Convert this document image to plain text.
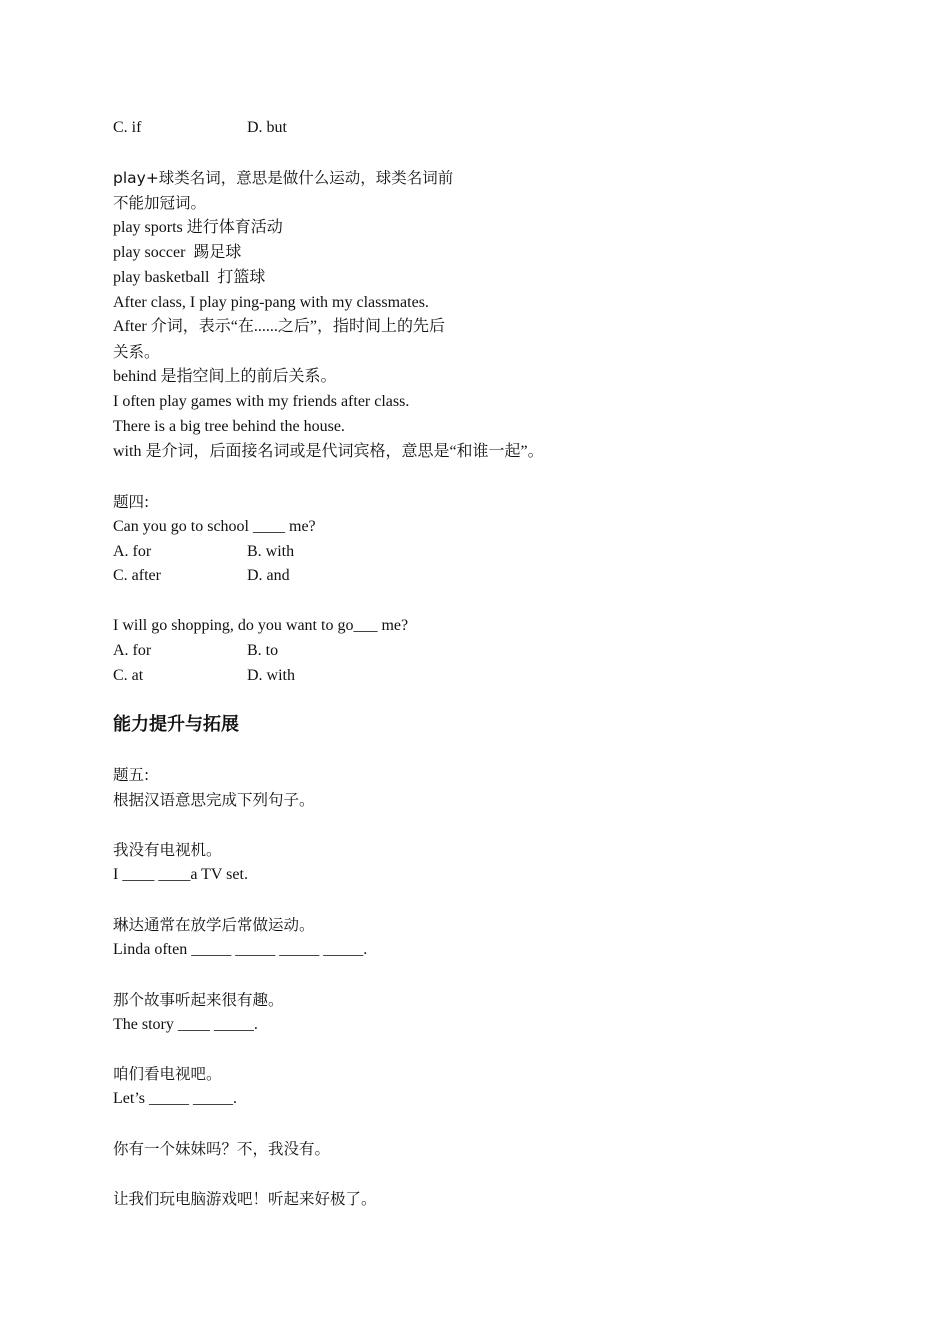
C. if	D. but
play+球类名词，意思是做什么运动，球类名词前
不能加冠词。
play sports 进行体育活动
play soccer  踢足球
play basketball  打篮球
After class, I play ping-pang with my classmates.
After 介词，表示“在......之后”，指时间上的先后
关系。
behind 是指空间上的前后关系。
I often play games with my friends after class.
There is a big tree behind the house.
with 是介词，后面接名词或是代词宾格，意思是“和谁一起”。
题四:
Can you go to school ____ me?
A. for	B. with
C. after	D. and
I will go shopping, do you want to go___ me?
A. for	B. to
C. at	D. with
能力提升与拓展
题五:
根据汉语意思完成下列句子。
我没有电视机。
I ____ ____a TV set.
琳达通常在放学后常做运动。
Linda often _____ _____ _____ _____.
那个故事听起来很有趣。
The story ____ _____.
咱们看电视吧。
Let’s _____ _____.
你有一个妹妹吗？不，我没有。
让我们玩电脑游戏吧！听起来好极了。
